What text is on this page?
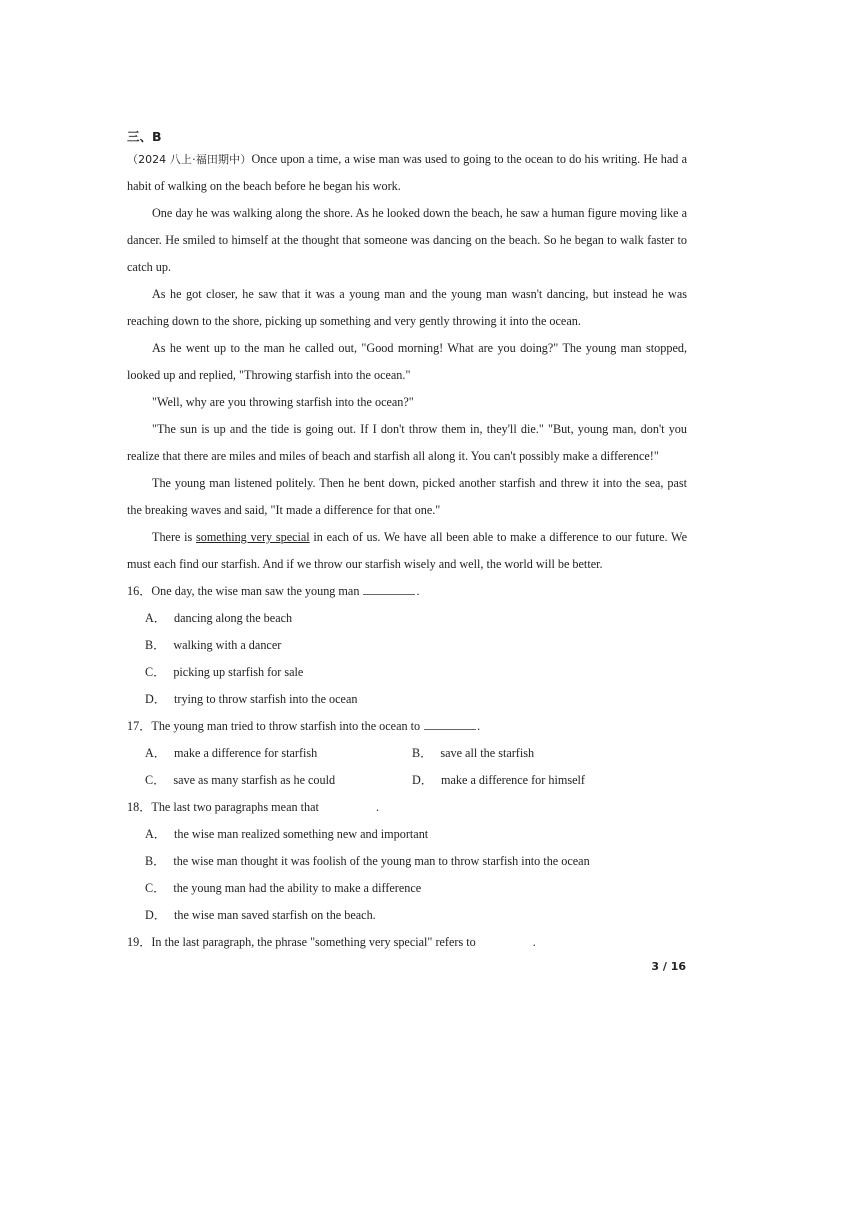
三、B

（2024 八上·福田期中）Once upon a time, a wise man was used to going to the ocean to do his writing. He had a habit of walking on the beach before he began his work.

One day he was walking along the shore. As he looked down the beach, he saw a human figure moving like a dancer. He smiled to himself at the thought that someone was dancing on the beach. So he began to walk faster to catch up.

As he got closer, he saw that it was a young man and the young man wasn't dancing, but instead he was reaching down to the shore, picking up something and very gently throwing it into the ocean.

As he went up to the man he called out, "Good morning! What are you doing?" The young man stopped, looked up and replied, "Throwing starfish into the ocean."

"Well, why are you throwing starfish into the ocean?"

"The sun is up and the tide is going out. If I don't throw them in, they'll die." "But, young man, don't you realize that there are miles and miles of beach and starfish all along it. You can't possibly make a difference!"

The young man listened politely. Then he bent down, picked another starfish and threw it into the sea, past the breaking waves and said, "It made a difference for that one."

There is something very special in each of us. We have all been able to make a difference to our future. We must each find our starfish. And if we throw our starfish wisely and well, the world will be better.

16．One day, the wise man saw the young man	.

A． dancing along the beach

B． walking with a dancer

C． picking up starfish for sale

D． trying to throw starfish into the ocean

17．The young man tried to throw starfish into the ocean to	.

A． make a difference for starfish	B． save all the starfish

C． save as many starfish as he could	D． make a difference for himself

18．The last two paragraphs mean that	.

A． the wise man realized something new and important

B． the wise man thought it was foolish of the young man to throw starfish into the ocean

C． the young man had the ability to make a difference

D． the wise man saved starfish on the beach.

19．In the last paragraph, the phrase "something very special" refers to	.

3 / 16
